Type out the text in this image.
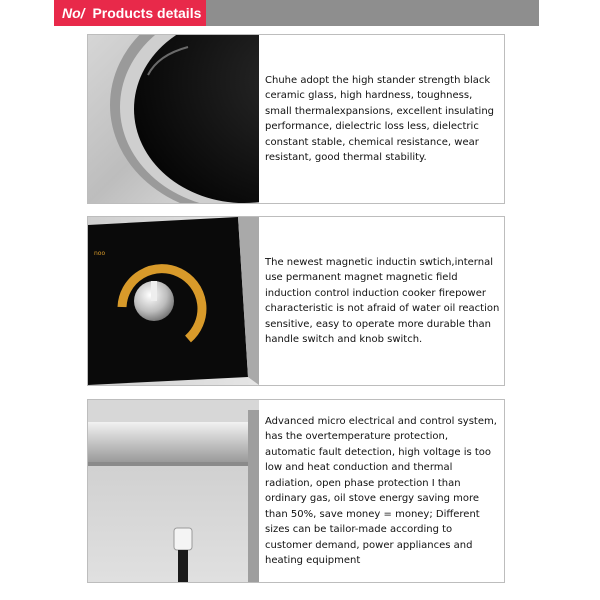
No/ Products details
Chuhe adopt the high stander strength black ceramic glass, high hardness, toughness, small thermalexpansions, excellent insulating performance, dielectric loss less, dielectric constant stable, chemical resistance, wear resistant, good thermal stability.
noo
The newest magnetic inductin swtich,internal use permanent magnet magnetic field induction control induction cooker firepower characteristic is not afraid of water oil reaction sensitive, easy to operate more durable than handle switch and knob switch.
Advanced micro electrical and control system, has the overtemperature protection, automatic fault detection, high voltage is too low and heat conduction and thermal radiation, open phase protection I than ordinary gas, oil stove energy saving more than 50%, save money = money; Different sizes can be tailor-made according to customer demand, power appliances and heating equipment
